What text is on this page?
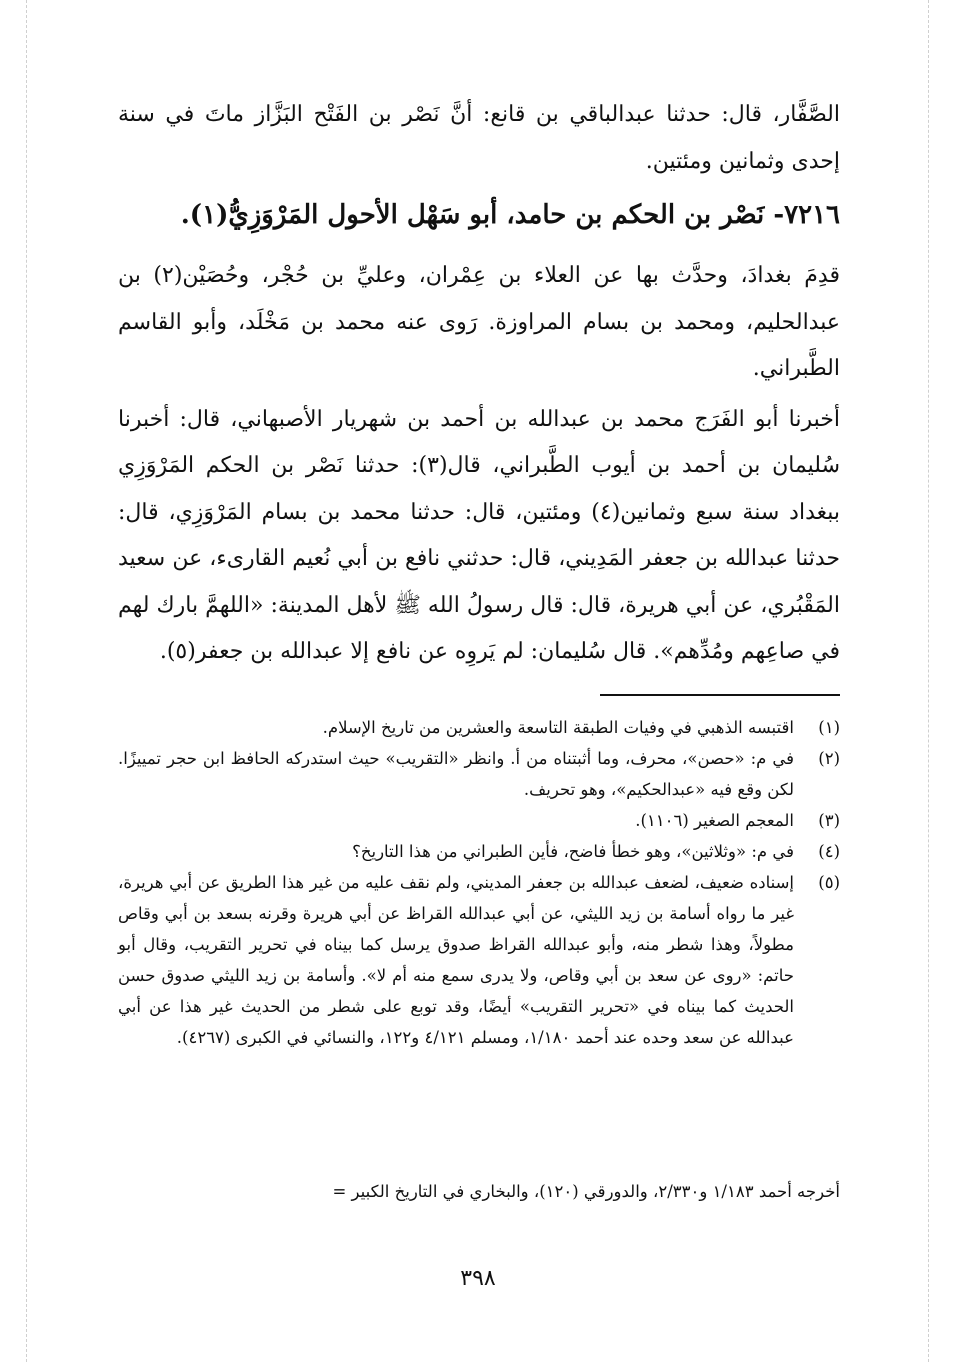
الصَّفَّار، قال: حدثنا عبدالباقي بن قانع: أنَّ نَصْر بن الفَتْح البَزَّاز ماتَ في سنة إحدى وثمانين ومئتين.

٧٢١٦- نَصْر بن الحكم بن حامد، أبو سَهْل الأحول المَرْوَزِيُّ(١).

قدِمَ بغدادَ، وحدَّث بها عن العلاء بن عِمْران، وعليِّ بن حُجْر، وحُصَيْن(٢) بن عبدالحليم، ومحمد بن بسام المراوزة. رَوى عنه محمد بن مَخْلَد، وأبو القاسم الطَّبراني.

أخبرنا أبو الفَرَج محمد بن عبدالله بن أحمد بن شهريار الأصبهاني، قال: أخبرنا سُليمان بن أحمد بن أيوب الطَّبراني، قال(٣): حدثنا نَصْر بن الحكم المَرْوَزِي ببغداد سنة سبع وثمانين(٤) ومئتين، قال: حدثنا محمد بن بسام المَرْوَزِي، قال: حدثنا عبدالله بن جعفر المَدِيني، قال: حدثني نافع بن أبي نُعيم القارىء، عن سعيد المَقْبُري، عن أبي هريرة، قال: قال رسولُ الله ﷺ لأهل المدينة: «اللهمَّ بارك لهم في صاعِهم ومُدِّهم». قال سُليمان: لم يَروِه عن نافع إلا عبدالله بن جعفر(٥).

(١)
اقتبسه الذهبي في وفيات الطبقة التاسعة والعشرين من تاريخ الإسلام.
(٢)
في م: «حصن»، محرف، وما أثبتناه من أ. وانظر «التقريب» حيث استدركه الحافظ ابن حجر تمييزًا. لكن وقع فيه «عبدالحكيم»، وهو تحريف.
(٣)
المعجم الصغير (١١٠٦).
(٤)
في م: «وثلاثين»، وهو خطأ فاضح، فأين الطبراني من هذا التاريخ؟
(٥)
إسناده ضعيف، لضعف عبدالله بن جعفر المديني، ولم نقف عليه من غير هذا الطريق عن أبي هريرة، غير ما رواه أسامة بن زيد الليثي، عن أبي عبدالله القراظ عن أبي هريرة وقرنه بسعد بن أبي وقاص مطولاً، وهذا شطر منه، وأبو عبدالله القراظ صدوق يرسل كما بيناه في تحرير التقريب، وقال أبو حاتم: «روى عن سعد بن أبي وقاص، ولا يدرى سمع منه أم لا». وأسامة بن زيد الليثي صدوق حسن الحديث كما بيناه في «تحرير التقريب» أيضًا، وقد توبع على شطر من الحديث غير هذا عن أبي عبدالله عن سعد وحده عند أحمد ١/١٨٠، ومسلم ٤/١٢١ و١٢٢، والنسائي في الكبرى (٤٢٦٧).
أخرجه أحمد ١/١٨٣ و٢/٣٣٠، والدورقي (١٢٠)، والبخاري في التاريخ الكبير =
٣٩٨
